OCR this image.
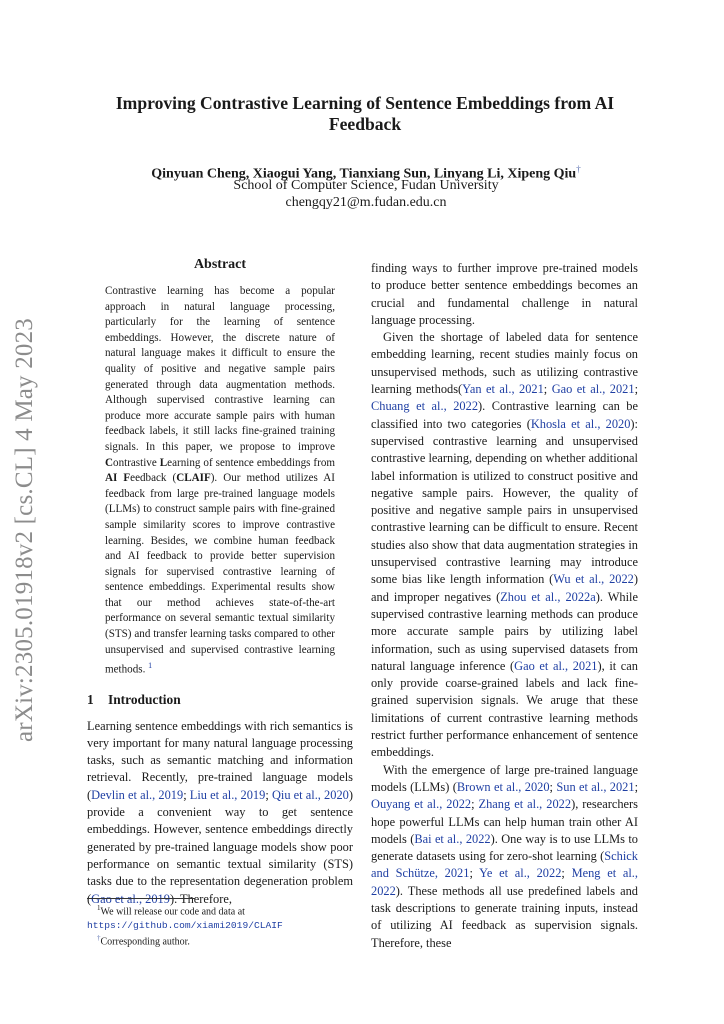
arXiv:2305.01918v2 [cs.CL] 4 May 2023
Improving Contrastive Learning of Sentence Embeddings from AI Feedback
Qinyuan Cheng, Xiaogui Yang, Tianxiang Sun, Linyang Li, Xipeng Qiu†
School of Computer Science, Fudan University
chengqy21@m.fudan.edu.cn
Abstract

Contrastive learning has become a popular approach in natural language processing, particularly for the learning of sentence embeddings. However, the discrete nature of natural language makes it difficult to ensure the quality of positive and negative sample pairs generated through data augmentation methods. Although supervised contrastive learning can produce more accurate sample pairs with human feedback labels, it still lacks fine-grained training signals. In this paper, we propose to improve Contrastive Learning of sentence embeddings from AI Feedback (CLAIF). Our method utilizes AI feedback from large pre-trained language models (LLMs) to construct sample pairs with fine-grained sample similarity scores to improve contrastive learning. Besides, we combine human feedback and AI feedback to provide better supervision signals for supervised contrastive learning of sentence embeddings. Experimental results show that our method achieves state-of-the-art performance on several semantic textual similarity (STS) and transfer learning tasks compared to other unsupervised and supervised contrastive learning methods. $^1$

1 Introduction

Learning sentence embeddings with rich semantics is very important for many natural language processing tasks, such as semantic matching and information retrieval. Recently, pre-trained language models (Devlin et al., 2019; Liu et al., 2019; Qiu et al., 2020) provide a convenient way to get sentence embeddings. However, sentence embeddings directly generated by pre-trained language models show poor performance on semantic textual similarity (STS) tasks due to the representation degeneration problem (Gao et al., 2019). Therefore,

$^1$We will release our code and data at https://github.com/xiami2019/CLAIF

†Corresponding author.

finding ways to further improve pre-trained models to produce better sentence embeddings becomes an crucial and fundamental challenge in natural language processing.

Given the shortage of labeled data for sentence embedding learning, recent studies mainly focus on unsupervised methods, such as utilizing contrastive learning methods(Yan et al., 2021; Gao et al., 2021; Chuang et al., 2022). Contrastive learning can be classified into two categories (Khosla et al., 2020): supervised contrastive learning and unsupervised contrastive learning, depending on whether additional label information is utilized to construct positive and negative sample pairs. However, the quality of positive and negative sample pairs in unsupervised contrastive learning can be difficult to ensure. Recent studies also show that data augmentation strategies in unsupervised contrastive learning may introduce some bias like length information (Wu et al., 2022) and improper negatives (Zhou et al., 2022a). While supervised contrastive learning methods can produce more accurate sample pairs by utilizing label information, such as using supervised datasets from natural language inference (Gao et al., 2021), it can only provide coarse-grained labels and lack fine-grained supervision signals. We aruge that these limitations of current contrastive learning methods restrict further performance enhancement of sentence embeddings.

With the emergence of large pre-trained language models (LLMs) (Brown et al., 2020; Sun et al., 2021; Ouyang et al., 2022; Zhang et al., 2022), researchers hope powerful LLMs can help human train other AI models (Bai et al., 2022). One way is to use LLMs to generate datasets using for zero-shot learning (Schick and Schütze, 2021; Ye et al., 2022; Meng et al., 2022). These methods all use predefined labels and task descriptions to generate training inputs, instead of utilizing AI feedback as supervision signals. Therefore, these
